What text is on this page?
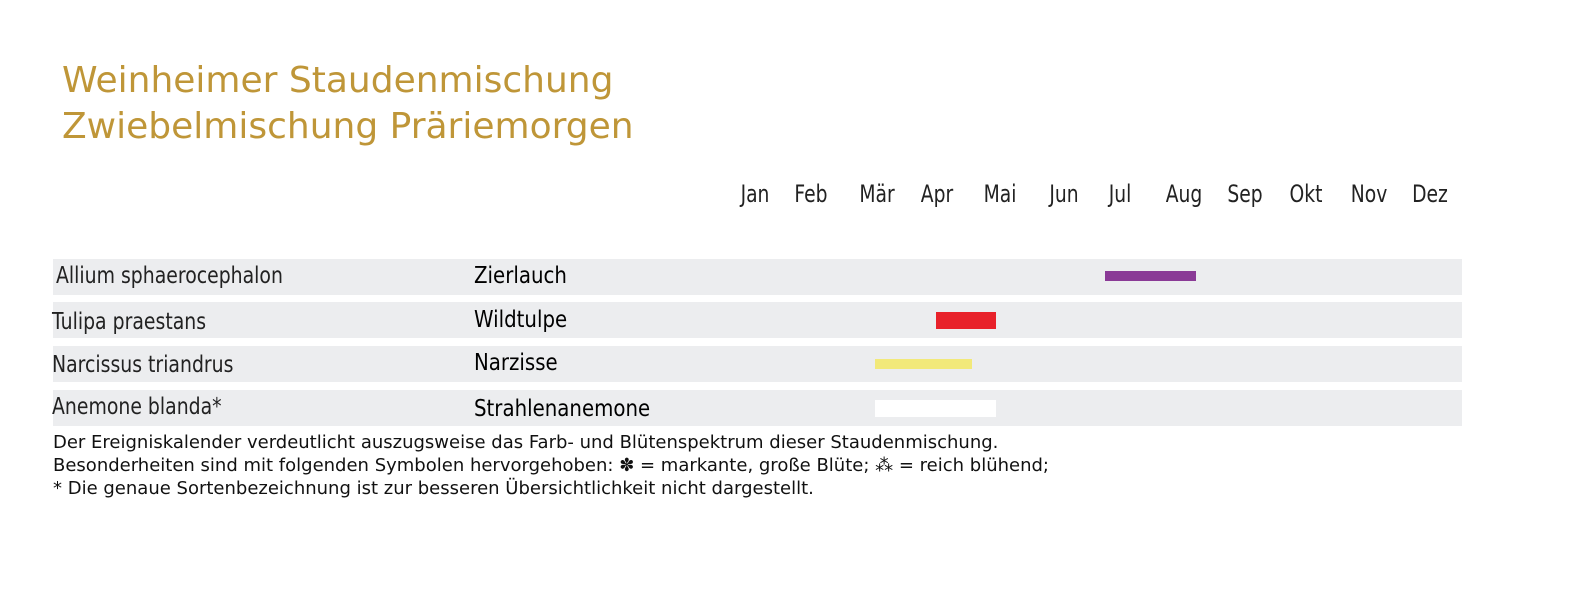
Weinheimer Staudenmischung
Zwiebelmischung Präriemorgen
Jan	Feb Mär	Apr	Mai	Jun	Jul	Aug Sep Okt Nov Dez
Allium sphaerocephalon	Zierlauch
Tulipa praestans	Wildtulpe
Narcissus triandrus	Narzisse
Anemone blanda*	Strahlenanemone
Der Ereigniskalender verdeutlicht auszugsweise das Farb- und Blütenspektrum dieser Staudenmischung.
Besonderheiten sind mit folgenden Symbolen hervorgehoben: ✽ = markante, große Blüte; ⁂ = reich blühend;
* Die genaue Sortenbezeichnung ist zur besseren Übersichtlichkeit nicht dargestellt.
